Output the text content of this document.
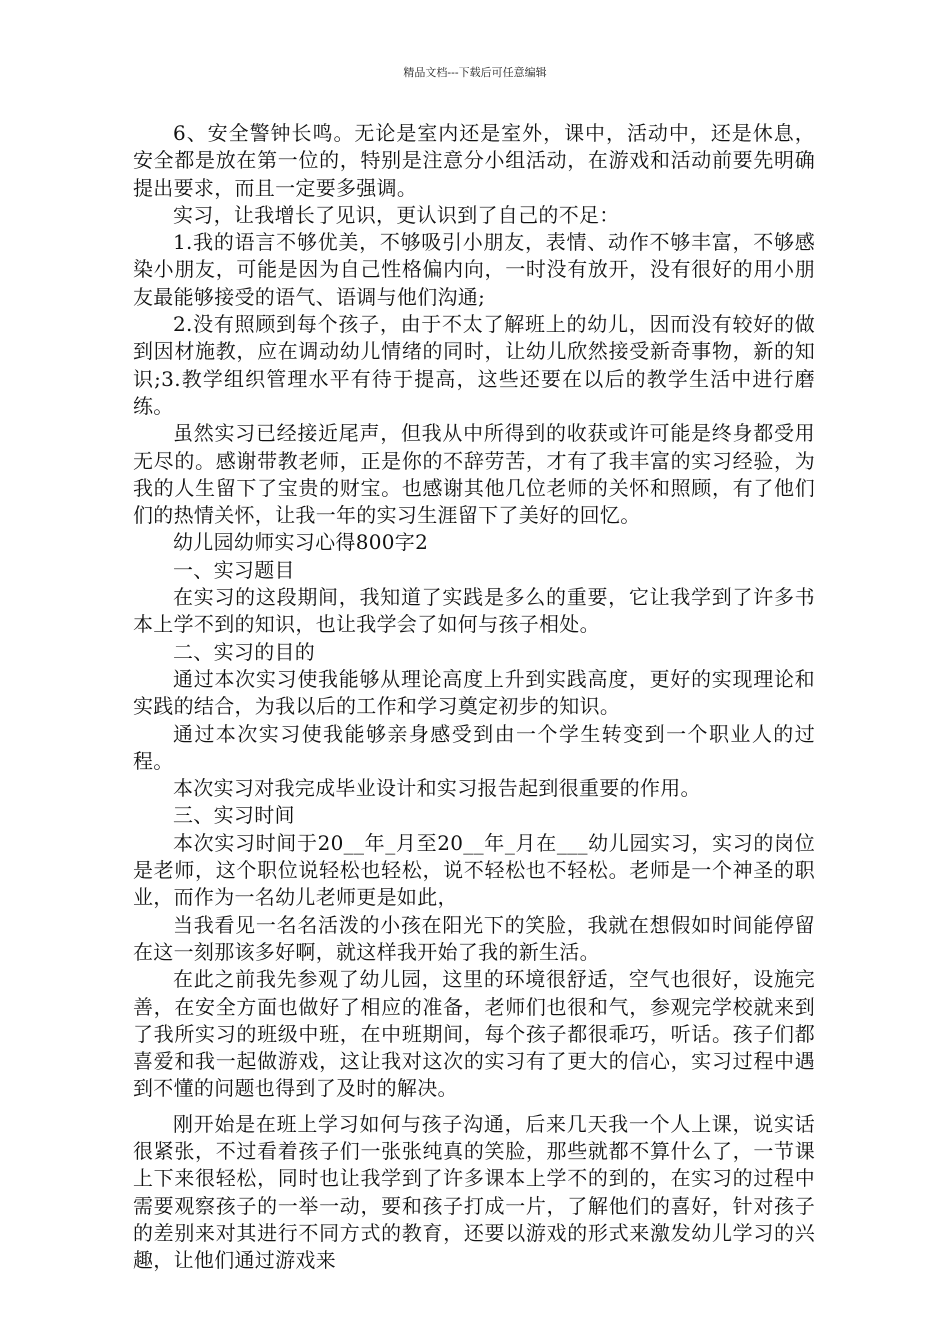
精品文档---下载后可任意编辑

6、安全警钟长鸣。无论是室内还是室外，课中，活动中，还是休息，安全都是放在第一位的，特别是注意分小组活动，在游戏和活动前要先明确提出要求，而且一定要多强调。

实习，让我增长了见识，更认识到了自己的不足：

1.我的语言不够优美，不够吸引小朋友，表情、动作不够丰富，不够感染小朋友，可能是因为自己性格偏内向，一时没有放开，没有很好的用小朋友最能够接受的语气、语调与他们沟通;

2.没有照顾到每个孩子，由于不太了解班上的幼儿，因而没有较好的做到因材施教，应在调动幼儿情绪的同时，让幼儿欣然接受新奇事物，新的知识;3.教学组织管理水平有待于提高，这些还要在以后的教学生活中进行磨练。

虽然实习已经接近尾声，但我从中所得到的收获或许可能是终身都受用无尽的。感谢带教老师，正是你的不辞劳苦，才有了我丰富的实习经验，为我的人生留下了宝贵的财宝。也感谢其他几位老师的关怀和照顾，有了他们们的热情关怀，让我一年的实习生涯留下了美好的回忆。

幼儿园幼师实习心得800字2

一、实习题目

在实习的这段期间，我知道了实践是多么的重要，它让我学到了许多书本上学不到的知识，也让我学会了如何与孩子相处。

二、实习的目的

通过本次实习使我能够从理论高度上升到实践高度，更好的实现理论和实践的结合，为我以后的工作和学习奠定初步的知识。

通过本次实习使我能够亲身感受到由一个学生转变到一个职业人的过程。

本次实习对我完成毕业设计和实习报告起到很重要的作用。

三、实习时间

本次实习时间于20__年_月至20__年_月在___幼儿园实习，实习的岗位是老师，这个职位说轻松也轻松，说不轻松也不轻松。老师是一个神圣的职业，而作为一名幼儿老师更是如此，

当我看见一名名活泼的小孩在阳光下的笑脸，我就在想假如时间能停留在这一刻那该多好啊，就这样我开始了我的新生活。

在此之前我先参观了幼儿园，这里的环境很舒适，空气也很好，设施完善，在安全方面也做好了相应的准备，老师们也很和气，参观完学校就来到了我所实习的班级中班，在中班期间，每个孩子都很乖巧，听话。孩子们都喜爱和我一起做游戏，这让我对这次的实习有了更大的信心，实习过程中遇到不懂的问题也得到了及时的解决。

刚开始是在班上学习如何与孩子沟通，后来几天我一个人上课，说实话很紧张，不过看着孩子们一张张纯真的笑脸，那些就都不算什么了，一节课上下来很轻松，同时也让我学到了许多课本上学不的到的，在实习的过程中需要观察孩子的一举一动，要和孩子打成一片，了解他们的喜好，针对孩子的差别来对其进行不同方式的教育，还要以游戏的形式来激发幼儿学习的兴趣，让他们通过游戏来
